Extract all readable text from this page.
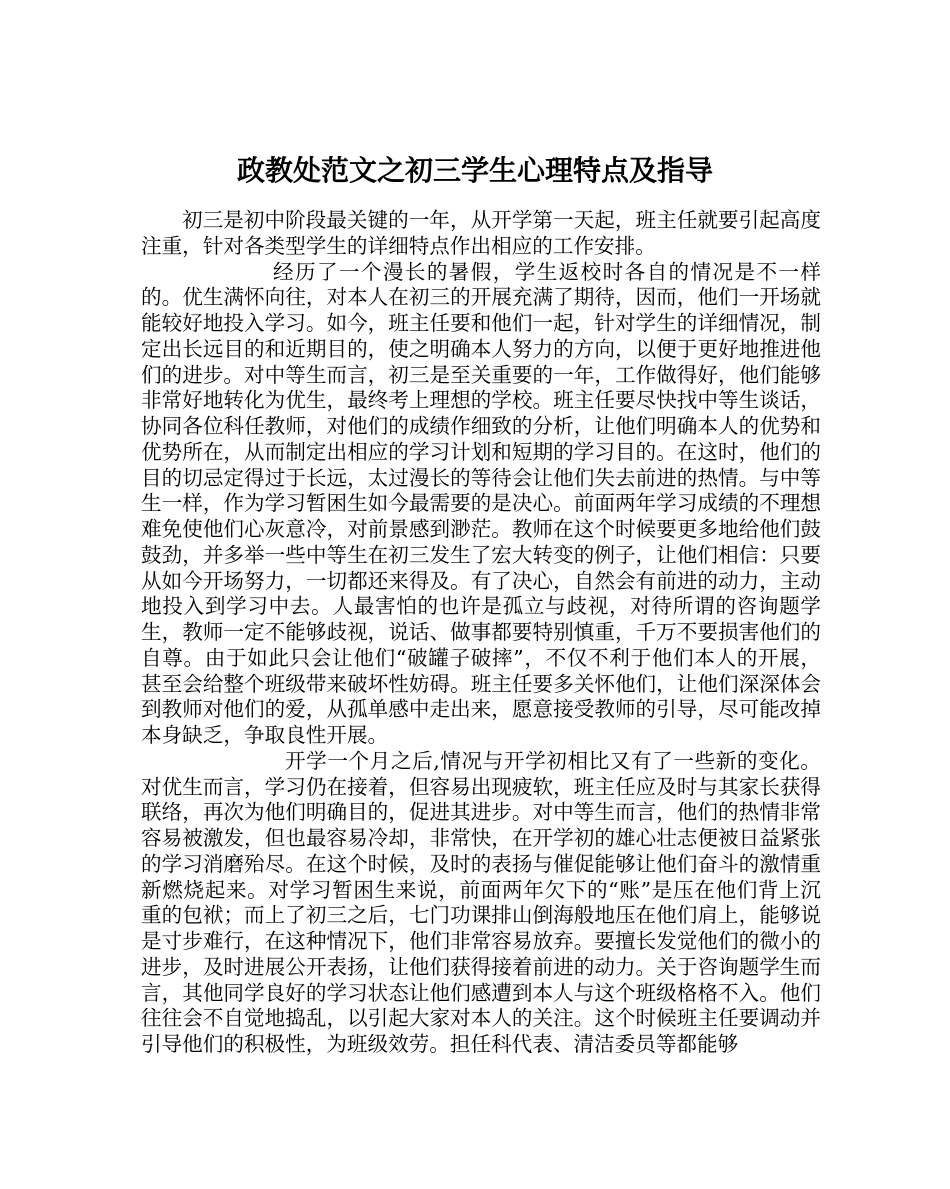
政教处范文之初三学生心理特点及指导

初三是初中阶段最关键的一年，从开学第一天起，班主任就要引起高度注重，针对各类型学生的详细特点作出相应的工作安排。

经历了一个漫长的暑假，学生返校时各自的情况是不一样的。优生满怀向往，对本人在初三的开展充满了期待，因而，他们一开场就能较好地投入学习。如今，班主任要和他们一起，针对学生的详细情况，制定出长远目的和近期目的，使之明确本人努力的方向，以便于更好地推进他们的进步。对中等生而言，初三是至关重要的一年，工作做得好，他们能够非常好地转化为优生，最终考上理想的学校。班主任要尽快找中等生谈话，协同各位科任教师，对他们的成绩作细致的分析，让他们明确本人的优势和优势所在，从而制定出相应的学习计划和短期的学习目的。在这时，他们的目的切忌定得过于长远，太过漫长的等待会让他们失去前进的热情。与中等生一样，作为学习暂困生如今最需要的是决心。前面两年学习成绩的不理想难免使他们心灰意冷，对前景感到渺茫。教师在这个时候要更多地给他们鼓鼓劲，并多举一些中等生在初三发生了宏大转变的例子，让他们相信：只要从如今开场努力，一切都还来得及。有了决心，自然会有前进的动力，主动地投入到学习中去。人最害怕的也许是孤立与歧视，对待所谓的咨询题学生，教师一定不能够歧视，说话、做事都要特别慎重，千万不要损害他们的自尊。由于如此只会让他们“破罐子破摔”，不仅不利于他们本人的开展，甚至会给整个班级带来破坏性妨碍。班主任要多关怀他们，让他们深深体会到教师对他们的爱，从孤单感中走出来，愿意接受教师的引导，尽可能改掉本身缺乏，争取良性开展。

开学一个月之后,情况与开学初相比又有了一些新的变化。对优生而言，学习仍在接着，但容易出现疲软，班主任应及时与其家长获得联络，再次为他们明确目的，促进其进步。对中等生而言，他们的热情非常容易被激发，但也最容易冷却，非常快，在开学初的雄心壮志便被日益紧张的学习消磨殆尽。在这个时候，及时的表扬与催促能够让他们奋斗的激情重新燃烧起来。对学习暂困生来说，前面两年欠下的“账”是压在他们背上沉重的包袱；而上了初三之后，七门功课排山倒海般地压在他们肩上，能够说是寸步难行，在这种情况下，他们非常容易放弃。要擅长发觉他们的微小的进步，及时进展公开表扬，让他们获得接着前进的动力。关于咨询题学生而言，其他同学良好的学习状态让他们感遭到本人与这个班级格格不入。他们往往会不自觉地捣乱，以引起大家对本人的关注。这个时候班主任要调动并引导他们的积极性，为班级效劳。担任科代表、清洁委员等都能够
